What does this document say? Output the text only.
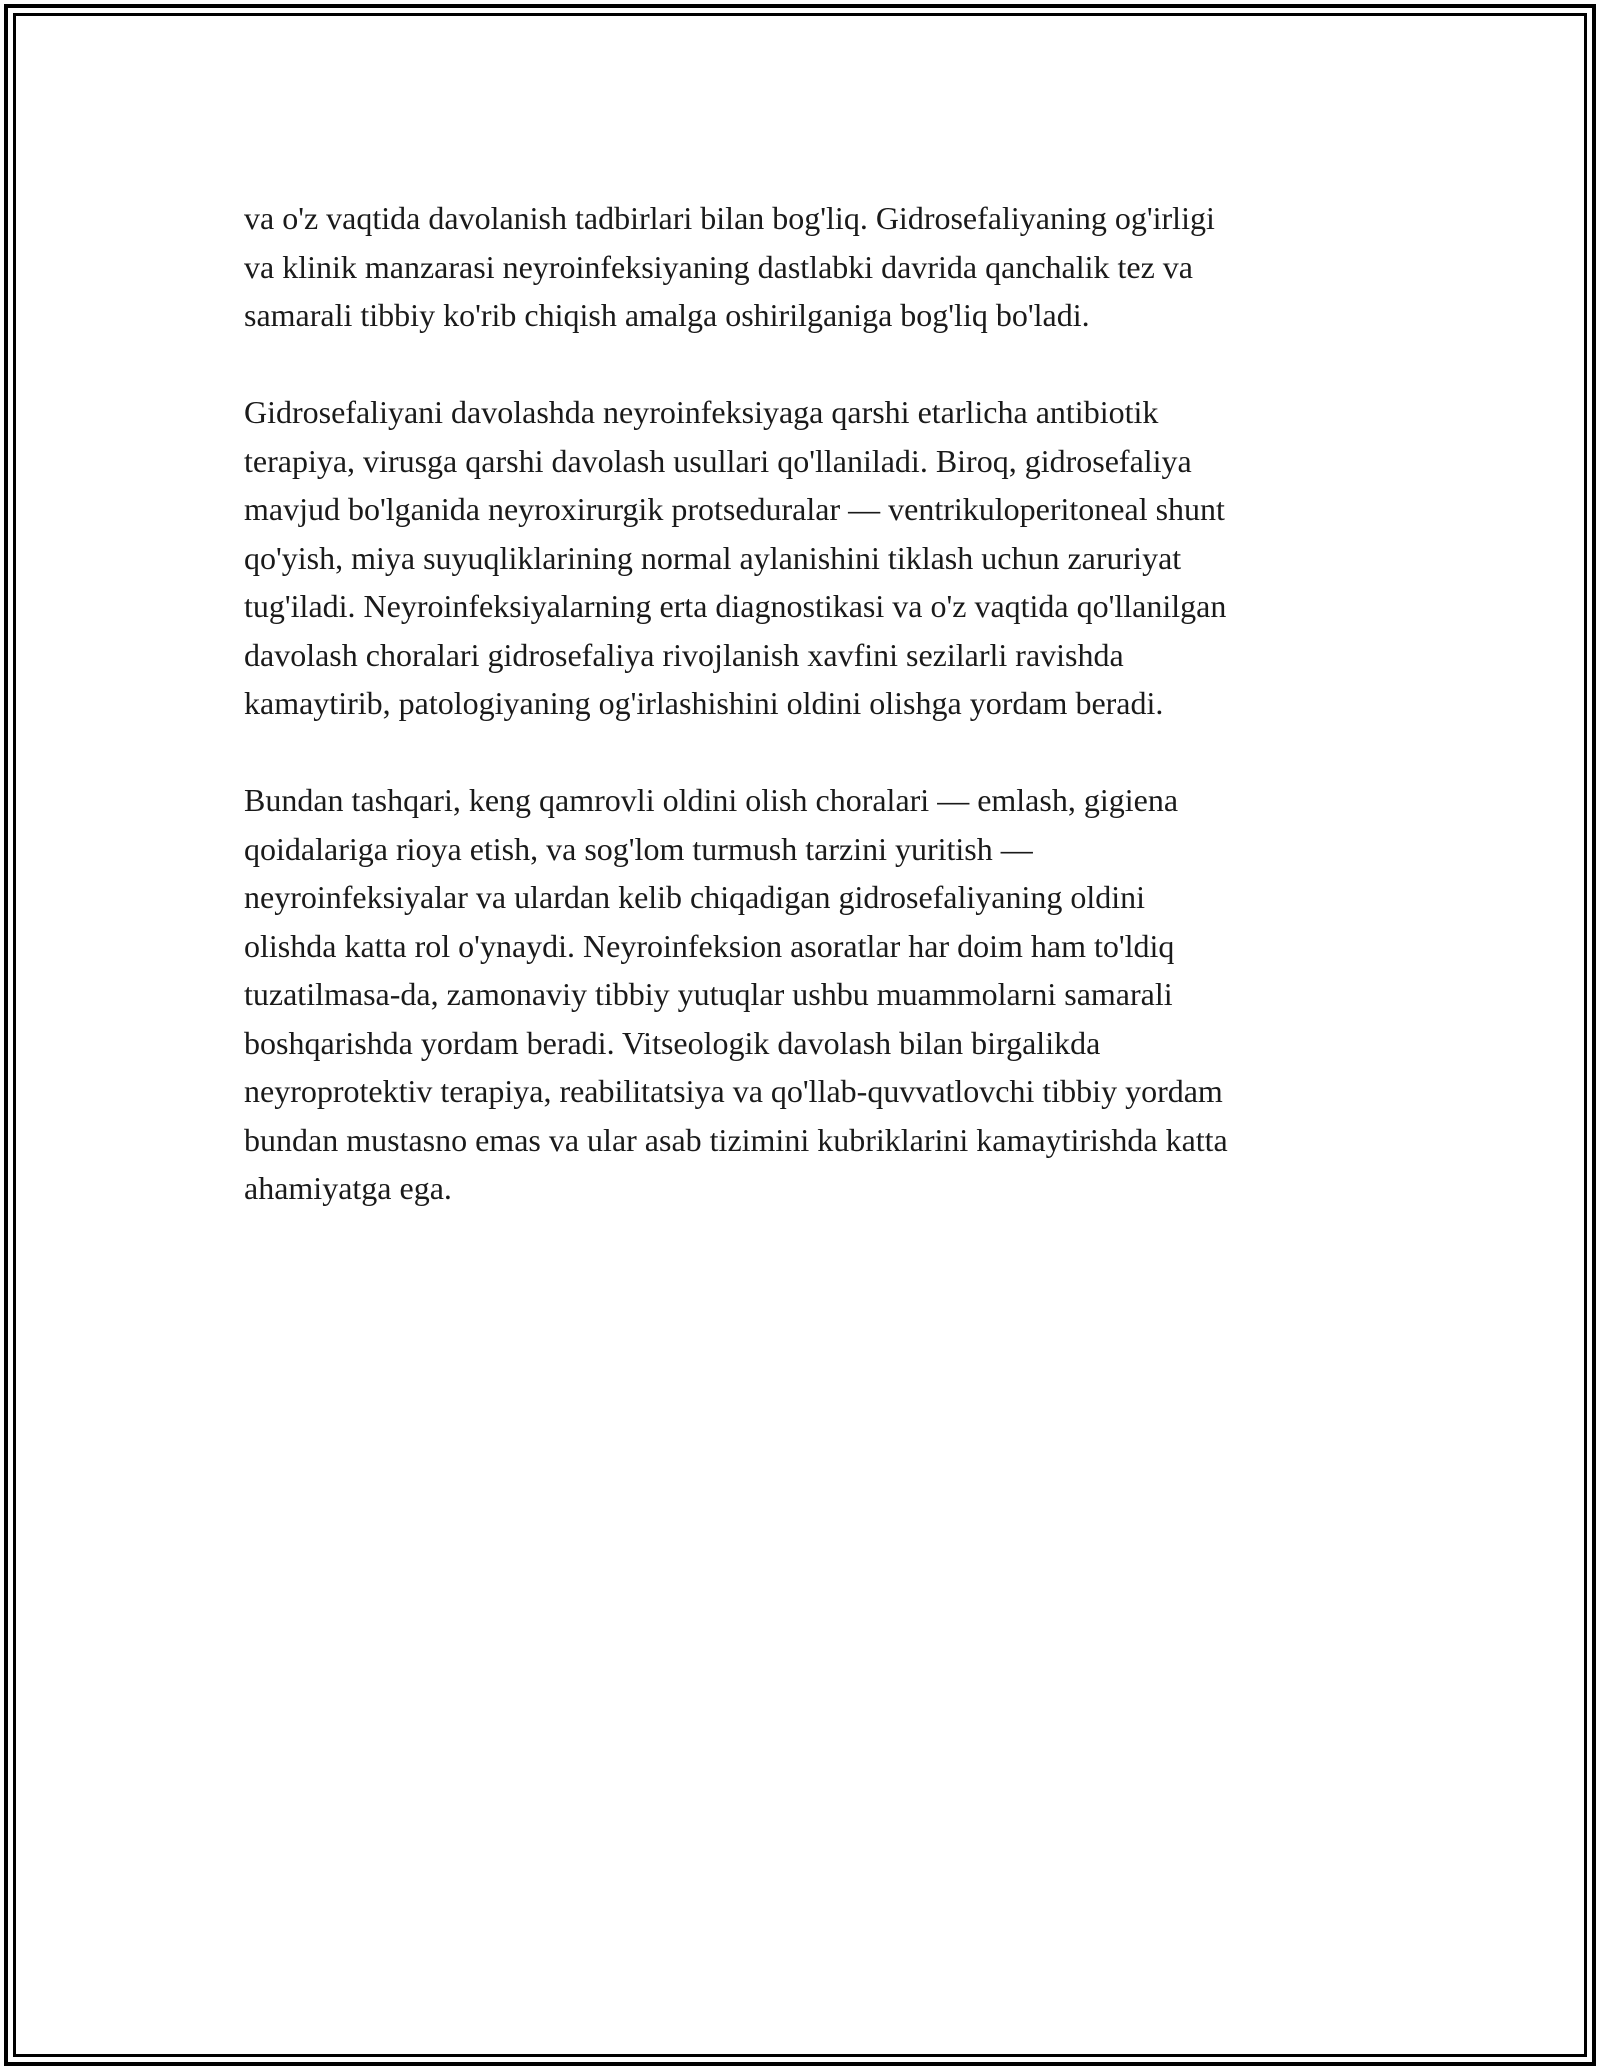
va o'z vaqtida davolanish tadbirlari bilan bog'liq. Gidrosefaliyaning og'irligi
va klinik manzarasi neyroinfeksiyaning dastlabki davrida qanchalik tez va
samarali tibbiy ko'rib chiqish amalga oshirilganiga bog'liq bo'ladi.

Gidrosefaliyani davolashda neyroinfeksiyaga qarshi etarlicha antibiotik
terapiya, virusga qarshi davolash usullari qo'llaniladi. Biroq, gidrosefaliya
mavjud bo'lganida neyroxirurgik protseduralar — ventrikuloperitoneal shunt
qo'yish, miya suyuqliklarining normal aylanishini tiklash uchun zaruriyat
tug'iladi. Neyroinfeksiyalarning erta diagnostikasi va o'z vaqtida qo'llanilgan
davolash choralari gidrosefaliya rivojlanish xavfini sezilarli ravishda
kamaytirib, patologiyaning og'irlashishini oldini olishga yordam beradi.

Bundan tashqari, keng qamrovli oldini olish choralari — emlash, gigiena
qoidalariga rioya etish, va sog'lom turmush tarzini yuritish —
neyroinfeksiyalar va ulardan kelib chiqadigan gidrosefaliyaning oldini
olishda katta rol o'ynaydi. Neyroinfeksion asoratlar har doim ham to'ldiq
tuzatilmasa-da, zamonaviy tibbiy yutuqlar ushbu muammolarni samarali
boshqarishda yordam beradi. Vitseologik davolash bilan birgalikda
neyroprotektiv terapiya, reabilitatsiya va qo'llab-quvvatlovchi tibbiy yordam
bundan mustasno emas va ular asab tizimini kubriklarini kamaytirishda katta
ahamiyatga ega.
